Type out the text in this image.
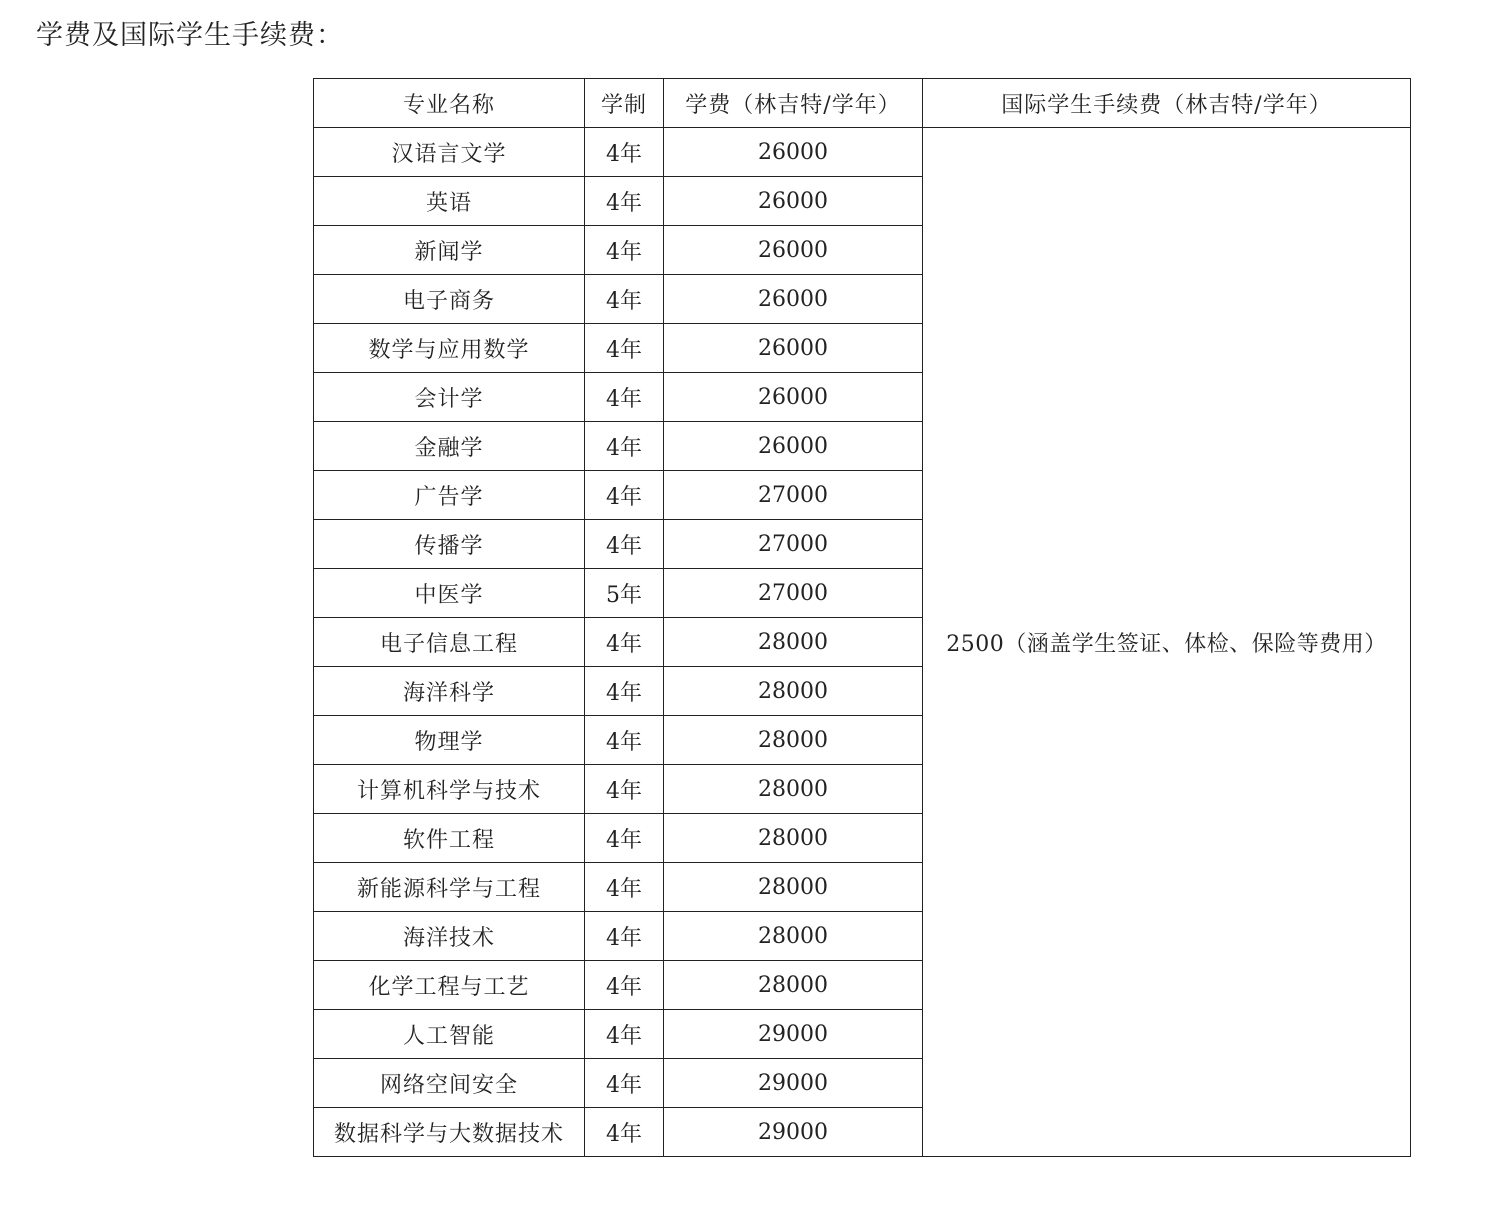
学费及国际学生手续费：
专业名称	学制	学费（林吉特/学年）	国际学生手续费（林吉特/学年）
汉语言文学	4年	26000	2500（涵盖学生签证、体检、保险等费用）
英语	4年	26000	
新闻学	4年	26000	
电子商务	4年	26000	
数学与应用数学	4年	26000	
会计学	4年	26000	
金融学	4年	26000	
广告学	4年	27000	
传播学	4年	27000	
中医学	5年	27000	
电子信息工程	4年	28000	
海洋科学	4年	28000	
物理学	4年	28000	
计算机科学与技术	4年	28000	
软件工程	4年	28000	
新能源科学与工程	4年	28000	
海洋技术	4年	28000	
化学工程与工艺	4年	28000	
人工智能	4年	29000	
网络空间安全	4年	29000	
数据科学与大数据技术	4年	29000	
